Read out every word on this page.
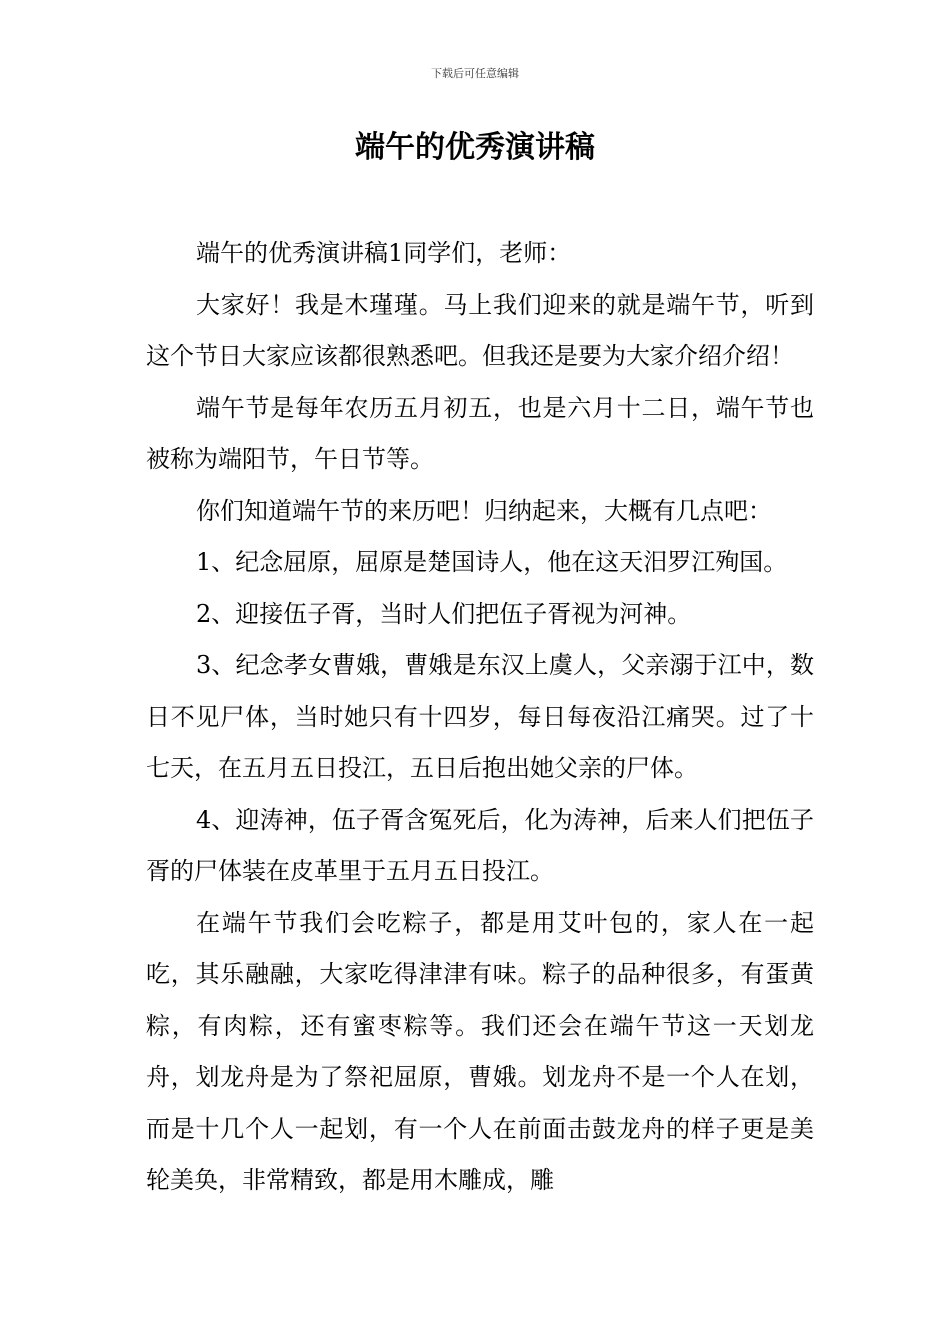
下载后可任意编辑
端午的优秀演讲稿

端午的优秀演讲稿1同学们，老师：

大家好！我是木瑾瑾。马上我们迎来的就是端午节，听到这个节日大家应该都很熟悉吧。但我还是要为大家介绍介绍！

端午节是每年农历五月初五，也是六月十二日，端午节也被称为端阳节，午日节等。

你们知道端午节的来历吧！归纳起来，大概有几点吧：

1、纪念屈原，屈原是楚国诗人，他在这天汨罗江殉国。

2、迎接伍子胥，当时人们把伍子胥视为河神。

3、纪念孝女曹娥，曹娥是东汉上虞人，父亲溺于江中，数日不见尸体，当时她只有十四岁，每日每夜沿江痛哭。过了十七天，在五月五日投江，五日后抱出她父亲的尸体。

4、迎涛神，伍子胥含冤死后，化为涛神，后来人们把伍子胥的尸体装在皮革里于五月五日投江。

在端午节我们会吃粽子，都是用艾叶包的，家人在一起吃，其乐融融，大家吃得津津有味。粽子的品种很多，有蛋黄粽，有肉粽，还有蜜枣粽等。我们还会在端午节这一天划龙舟，划龙舟是为了祭祀屈原，曹娥。划龙舟不是一个人在划，而是十几个人一起划，有一个人在前面击鼓龙舟的样子更是美轮美奂，非常精致，都是用木雕成，雕
